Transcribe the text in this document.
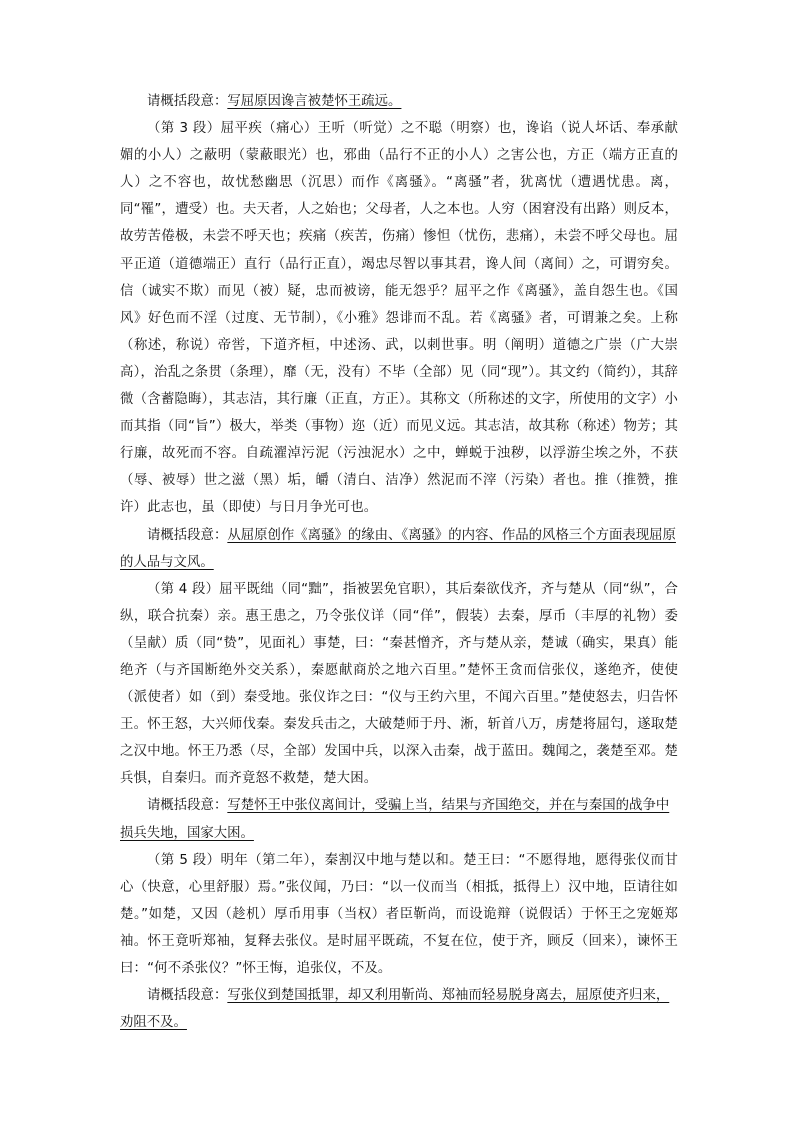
请概括段意：写屈原因谗言被楚怀王疏远。

（第 3 段）屈平疾（痛心）王听（听觉）之不聪（明察）也，谗谄（说人坏话、奉承献媚的小人）之蔽明（蒙蔽眼光）也，邪曲（品行不正的小人）之害公也，方正（端方正直的人）之不容也，故忧愁幽思（沉思）而作《离骚》。“离骚”者，犹离忧（遭遇忧患。离，同“罹”，遭受）也。夫天者，人之始也；父母者，人之本也。人穷（困窘没有出路）则反本，故劳苦倦极，未尝不呼天也；疾痛（疾苦，伤痛）惨怛（忧伤，悲痛），未尝不呼父母也。屈平正道（道德端正）直行（品行正直），竭忠尽智以事其君，谗人间（离间）之，可谓穷矣。信（诚实不欺）而见（被）疑，忠而被谤，能无怨乎？屈平之作《离骚》，盖自怨生也。《国风》好色而不淫（过度、无节制），《小雅》怨诽而不乱。若《离骚》者，可谓兼之矣。上称（称述，称说）帝喾，下道齐桓，中述汤、武，以刺世事。明（阐明）道德之广崇（广大崇高），治乱之条贯（条理），靡（无，没有）不毕（全部）见（同“现”）。其文约（简约），其辞微（含蓄隐晦），其志洁，其行廉（正直，方正）。其称文（所称述的文字，所使用的文字）小而其指（同“旨”）极大，举类（事物）迩（近）而见义远。其志洁，故其称（称述）物芳；其行廉，故死而不容。自疏濯淖污泥（污浊泥水）之中，蝉蜕于浊秽，以浮游尘埃之外，不获（辱、被辱）世之滋（黑）垢，皭（清白、洁净）然泥而不滓（污染）者也。推（推赞，推许）此志也，虽（即使）与日月争光可也。

请概括段意：从屈原创作《离骚》的缘由、《离骚》的内容、作品的风格三个方面表现屈原的人品与文风。

（第 4 段）屈平既绌（同“黜”，指被罢免官职），其后秦欲伐齐，齐与楚从（同“纵”，合纵，联合抗秦）亲。惠王患之，乃令张仪详（同“佯”，假装）去秦，厚币（丰厚的礼物）委（呈献）质（同“贽”，见面礼）事楚，曰：“秦甚憎齐，齐与楚从亲，楚诚（确实，果真）能绝齐（与齐国断绝外交关系），秦愿献商於之地六百里。”楚怀王贪而信张仪，遂绝齐，使使（派使者）如（到）秦受地。张仪诈之曰：“仪与王约六里，不闻六百里。”楚使怒去，归告怀王。怀王怒，大兴师伐秦。秦发兵击之，大破楚师于丹、淅，斩首八万，虏楚将屈匄，遂取楚之汉中地。怀王乃悉（尽，全部）发国中兵，以深入击秦，战于蓝田。魏闻之，袭楚至邓。楚兵惧，自秦归。而齐竟怒不救楚，楚大困。

请概括段意：写楚怀王中张仪离间计，受骗上当，结果与齐国绝交，并在与秦国的战争中损兵失地，国家大困。

（第 5 段）明年（第二年），秦割汉中地与楚以和。楚王曰：“不愿得地，愿得张仪而甘心（快意，心里舒服）焉。”张仪闻，乃曰：“以一仪而当（相抵，抵得上）汉中地，臣请往如楚。”如楚，又因（趁机）厚币用事（当权）者臣靳尚，而设诡辩（说假话）于怀王之宠姬郑袖。怀王竟听郑袖，复释去张仪。是时屈平既疏，不复在位，使于齐，顾反（回来），谏怀王曰：“何不杀张仪？”怀王悔，追张仪，不及。

请概括段意：写张仪到楚国抵罪，却又利用靳尚、郑袖而轻易脱身离去，屈原使齐归来，劝阻不及。
